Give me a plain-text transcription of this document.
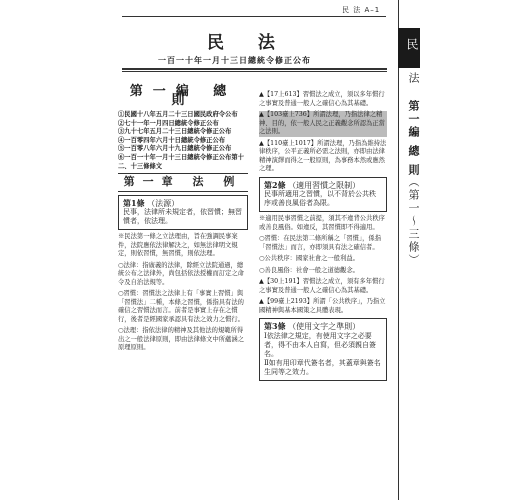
民 法 A–1
民
法
第一編 總 則
（第一～三條）
民 法
一百一十年一月十三日總統令修正公布
第一編 總 則
①民國十八年五月二十三日國民政府令公布
②七十一年一月四日總統令修正公布
③九十七年五月二十三日總統令修正公布
④一百零四年六月十日總統令修正公布
⑤一百零八年六月十九日總統令修正公布
⑥一百一十年一月十三日總統令修正公布第十二、十三條條文
第一章 法 例
第1條 （法源）

民事，法律所未規定者，依習慣；無習慣者，依法理。

※民法第一條之立法理由，旨在強調民事案件，法院應依法律解決之，如無法律明文規定，則依習慣，無習慣，則依法理。

○法律：指廣義的法律，除經立法院通過，總統公布之法律外，尚包括依法授權而訂定之命令及自治法規等。

○習慣：習慣法之法律上有「事實上習慣」與「習慣法」二種，本條之習慣，係指具有法的確信之習慣法而言。前者是事實上存在之慣行，後者是經國家承認具有法之效力之慣行。

○法理：指依法律的精神及其他法的規範所得出之一般法律原則，即由法律條文中所蘊涵之原理原則。

▲【17上613】習慣法之成立，須以多年慣行之事實及普通一般人之確信心為其基礎。

▲【103臺上736】所謂法理，乃指法律之精神、目的，依一般人民之正義觀念所認為正當之法則。

▲【110臺上1017】所謂法理，乃指為維持法律秩序，公平正義所必需之法則，亦即由法律精神演繹而得之一般原則，為事務本然或應然之理。

第2條 （適用習慣之限制）

民事所適用之習慣，以不背於公共秩序或善良風俗者為限。

※適用民事習慣之前提，須其不違背公共秩序或善良風俗。如違反，其習慣即不得適用。

○習慣：在民法第二條所稱之「習慣」，係指「習慣法」而言，亦即須具有法之確信者。

○公共秩序：國家社會之一般利益。

○善良風俗：社會一般之道德觀念。

▲【30上191】習慣法之成立，須有多年慣行之事實及普通一般人之確信心為其基礎。

▲【99臺上2193】所謂「公共秩序」，乃指立國精神與基本國策之具體表現。

第3條 （使用文字之準則）

Ⅰ依法律之規定，有使用文字之必要者，得不由本人自寫，但必須親自簽名。

Ⅱ如有用印章代簽名者，其蓋章與簽名生同等之效力。
